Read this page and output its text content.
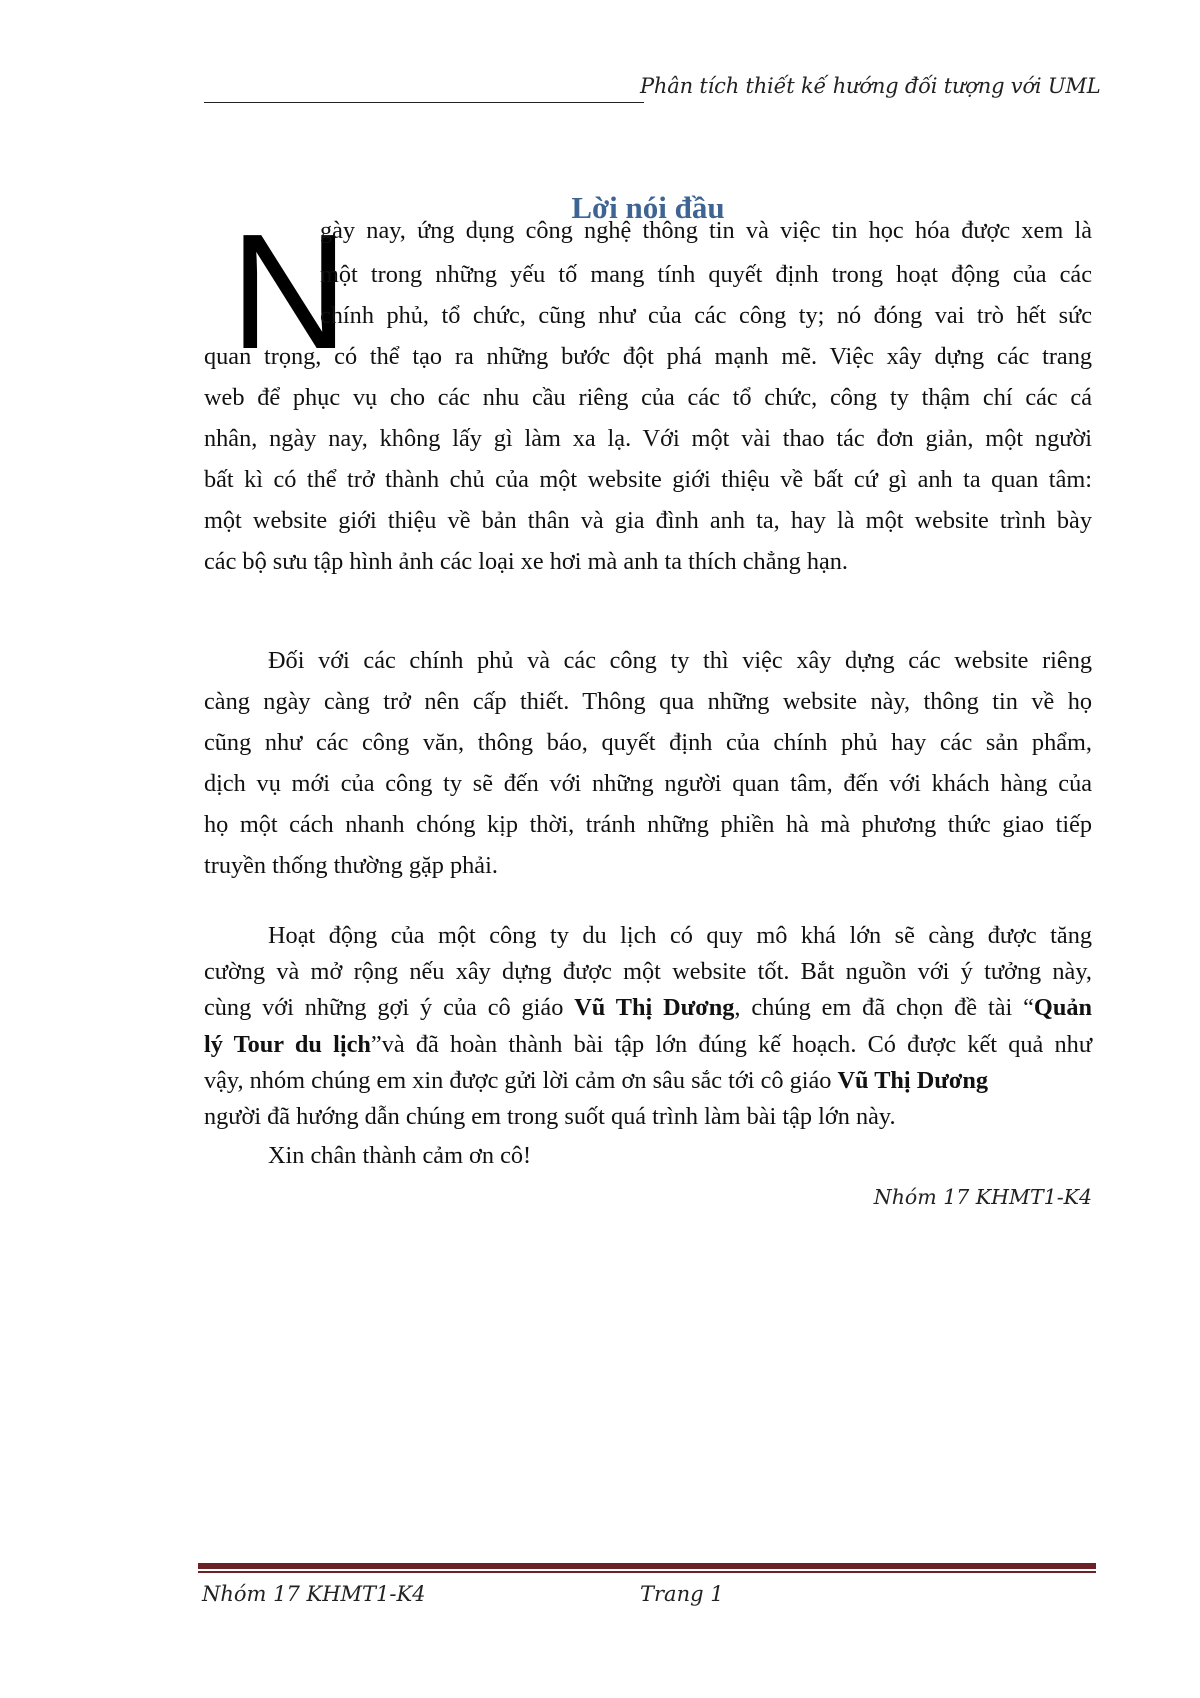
Phân tích thiết kế hướng đối tượng với UML
Lời nói đầu
N
gày nay, ứng dụng công nghệ thông tin và việc tin học hóa được xem là
một trong những yếu tố mang tính quyết định trong hoạt động của các
chính phủ, tổ chức, cũng như của các công ty; nó đóng vai trò hết sức
quan trọng, có thể tạo ra những bước đột phá mạnh mẽ. Việc xây dựng các trang
web để phục vụ cho các nhu cầu riêng của các tổ chức, công ty thậm chí các cá
nhân, ngày nay, không lấy gì làm xa lạ. Với một vài thao tác đơn giản, một người
bất kì có thể trở thành chủ của một website giới thiệu về bất cứ gì anh ta quan tâm:
một website giới thiệu về bản thân và gia đình anh ta, hay là một website trình bày
các bộ sưu tập hình ảnh các loại xe hơi mà anh ta thích chẳng hạn.
Đối với các chính phủ và các công ty thì việc xây dựng các website riêng
càng ngày càng trở nên cấp thiết. Thông qua những website này, thông tin về họ
cũng như các công văn, thông báo, quyết định của chính phủ hay các sản phẩm,
dịch vụ mới của công ty sẽ đến với những người quan tâm, đến với khách hàng của
họ một cách nhanh chóng kịp thời, tránh những phiền hà mà phương thức giao tiếp
truyền thống thường gặp phải.
Hoạt động của một công ty du lịch có quy mô khá lớn sẽ càng được tăng
cường và mở rộng nếu xây dựng được một website tốt. Bắt nguồn với ý tưởng này,
cùng với những gợi ý của cô giáo Vũ Thị Dương, chúng em đã chọn đề tài “Quản
lý Tour du lịch”và đã hoàn thành bài tập lớn đúng kế hoạch. Có được kết quả như
vậy, nhóm chúng em xin được gửi lời cảm ơn sâu sắc tới cô giáo Vũ Thị Dương
người đã hướng dẫn chúng em trong suốt quá trình làm bài tập lớn này.
Xin chân thành cảm ơn cô!
Nhóm 17 KHMT1-K4
Nhóm 17 KHMT1-K4	Trang 1
